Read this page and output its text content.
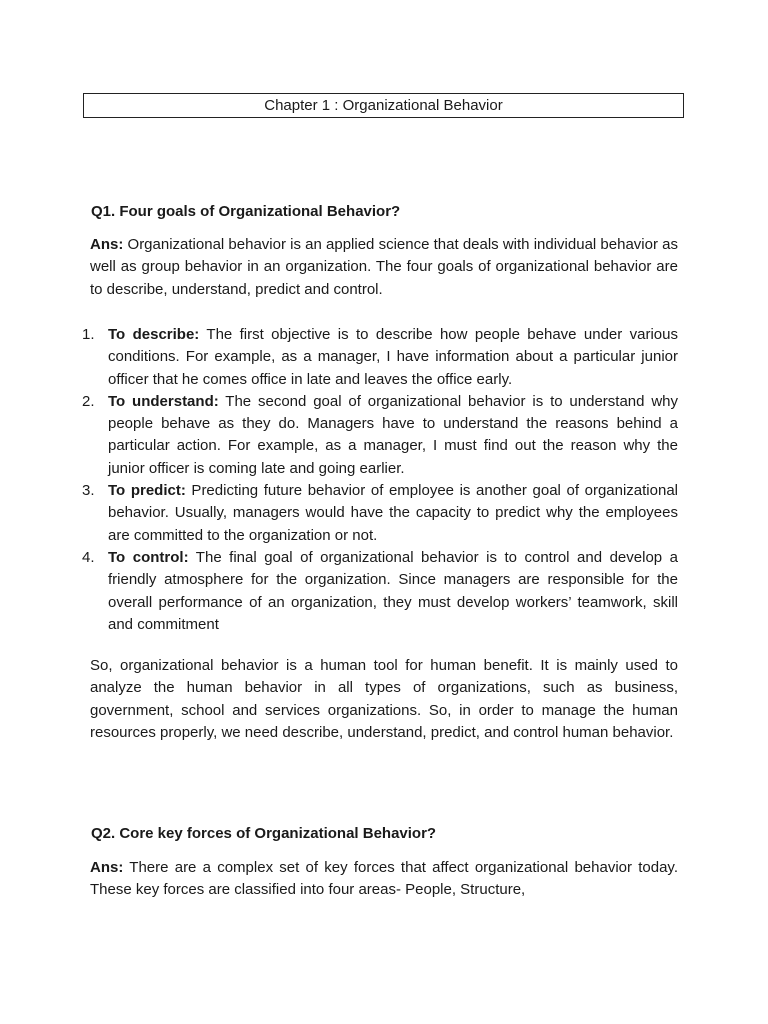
Chapter 1 : Organizational Behavior
Q1. Four goals of Organizational Behavior?
Ans: Organizational behavior is an applied science that deals with individual behavior as well as group behavior in an organization. The four goals of organizational behavior are to describe, understand, predict and control.
1. To describe: The first objective is to describe how people behave under various conditions. For example, as a manager, I have information about a particular junior officer that he comes office in late and leaves the office early.
2. To understand: The second goal of organizational behavior is to understand why people behave as they do. Managers have to understand the reasons behind a particular action. For example, as a manager, I must find out the reason why the junior officer is coming late and going earlier.
3. To predict: Predicting future behavior of employee is another goal of organizational behavior. Usually, managers would have the capacity to predict why the employees are committed to the organization or not.
4. To control: The final goal of organizational behavior is to control and develop a friendly atmosphere for the organization. Since managers are responsible for the overall performance of an organization, they must develop workers’ teamwork, skill and commitment
So, organizational behavior is a human tool for human benefit. It is mainly used to analyze the human behavior in all types of organizations, such as business, government, school and services organizations. So, in order to manage the human resources properly, we need describe, understand, predict, and control human behavior.
Q2. Core key forces of Organizational Behavior?
Ans: There are a complex set of key forces that affect organizational behavior today. These key forces are classified into four areas- People, Structure,
